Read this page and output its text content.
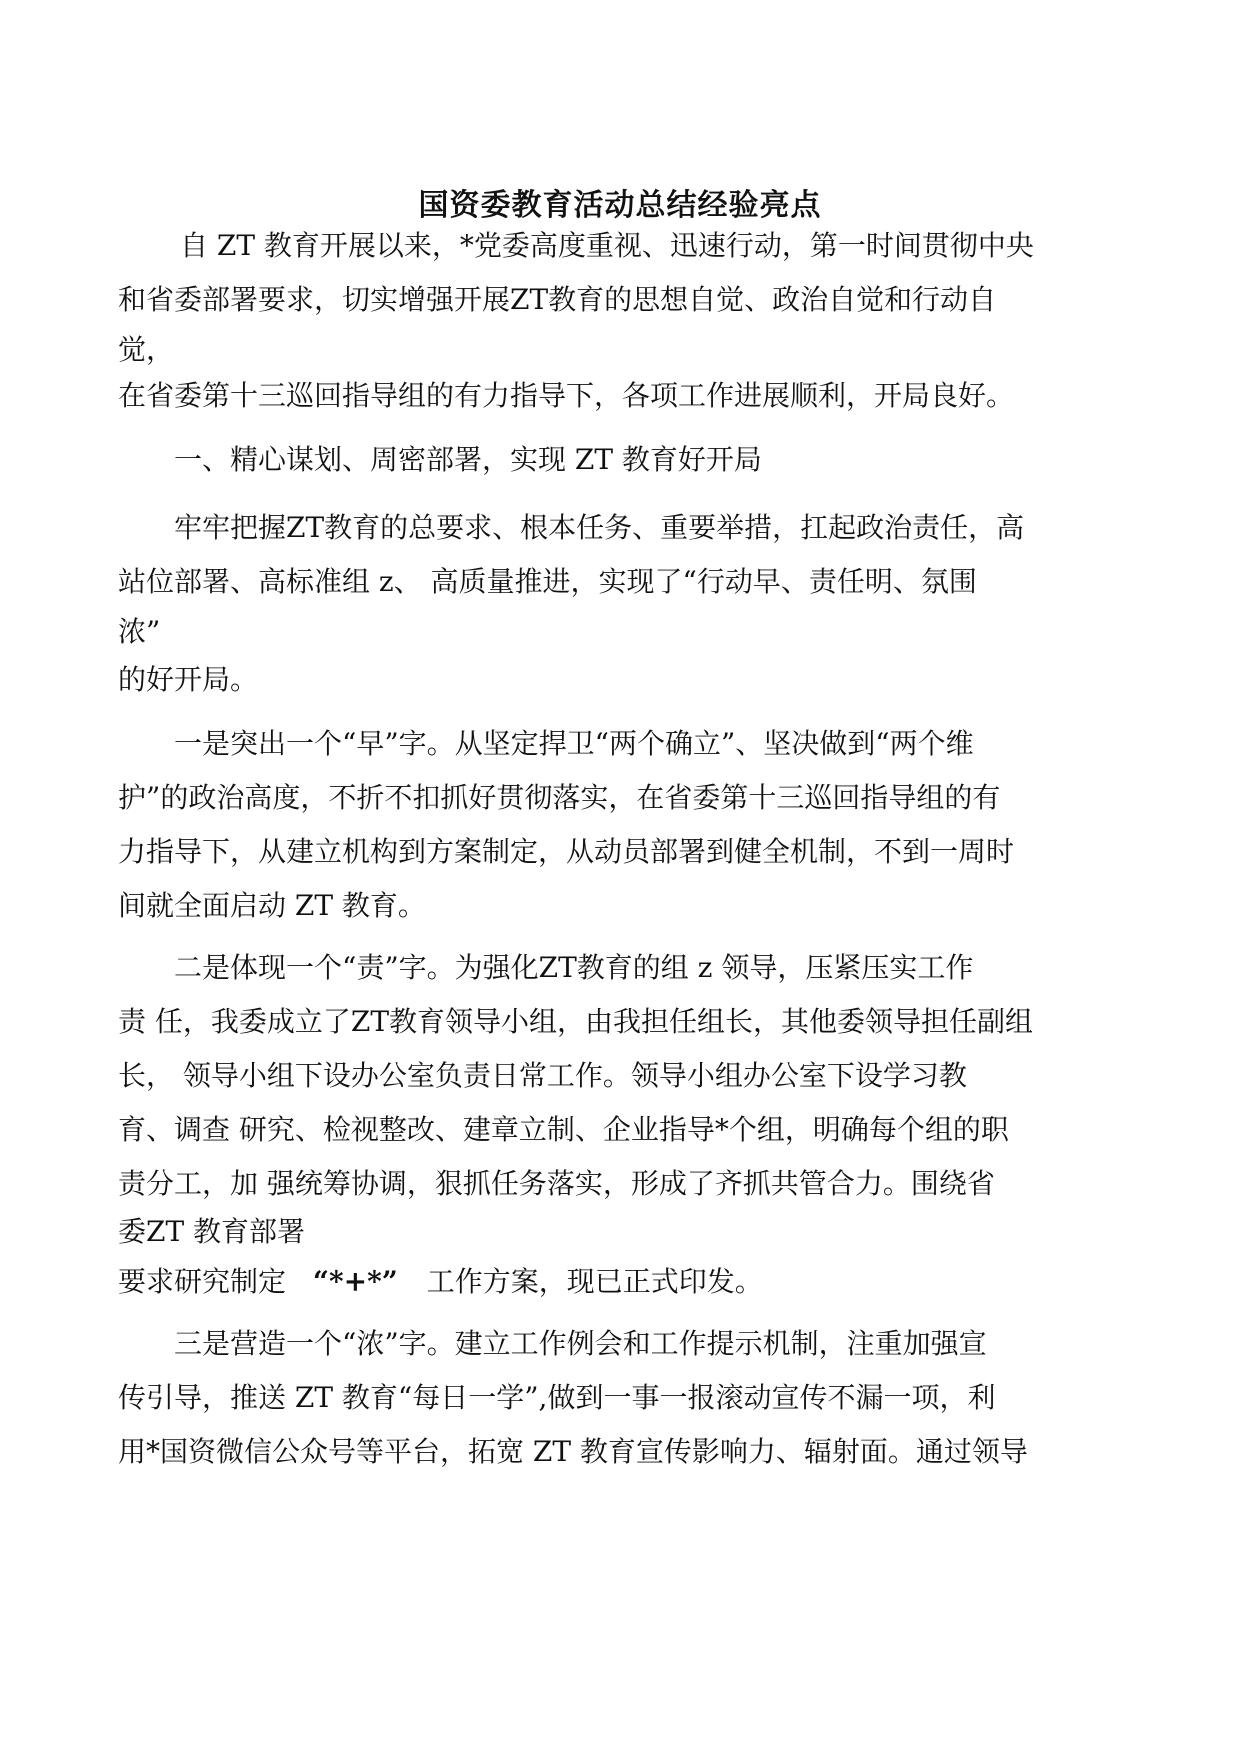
国资委教育活动总结经验亮点
自 ZT 教育开展以来，*党委高度重视、迅速行动，第一时间贯彻中央
和省委部署要求，切实增强开展ZT教育的思想自觉、政治自觉和行动自
觉，
在省委第十三巡回指导组的有力指导下，各项工作进展顺利，开局良好。
一、精心谋划、周密部署，实现 ZT 教育好开局
牢牢把握ZT教育的总要求、根本任务、重要举措，扛起政治责任，高
站位部署、高标准组 z、 高质量推进，实现了“行动早、责任明、氛围
浓”
的好开局。
一是突出一个“早”字。从坚定捍卫“两个确立”、坚决做到“两个维
护”的政治高度，不折不扣抓好贯彻落实，在省委第十三巡回指导组的有
力指导下，从建立机构到方案制定，从动员部署到健全机制，不到一周时
间就全面启动 ZT 教育。
二是体现一个“责”字。为强化ZT教育的组 z 领导，压紧压实工作
责 任，我委成立了ZT教育领导小组，由我担任组长，其他委领导担任副组
长， 领导小组下设办公室负责日常工作。领导小组办公室下设学习教
育、调查 研究、检视整改、建章立制、企业指导*个组，明确每个组的职
责分工，加 强统筹协调，狠抓任务落实，形成了齐抓共管合力。围绕省
委ZT 教育部署
要求研究制定 “*+*” 工作方案，现已正式印发。
三是营造一个“浓”字。建立工作例会和工作提示机制，注重加强宣
传引导，推送 ZT 教育“每日一学”,做到一事一报滚动宣传不漏一项，利
用*国资微信公众号等平台，拓宽 ZT 教育宣传影响力、辐射面。通过领导
